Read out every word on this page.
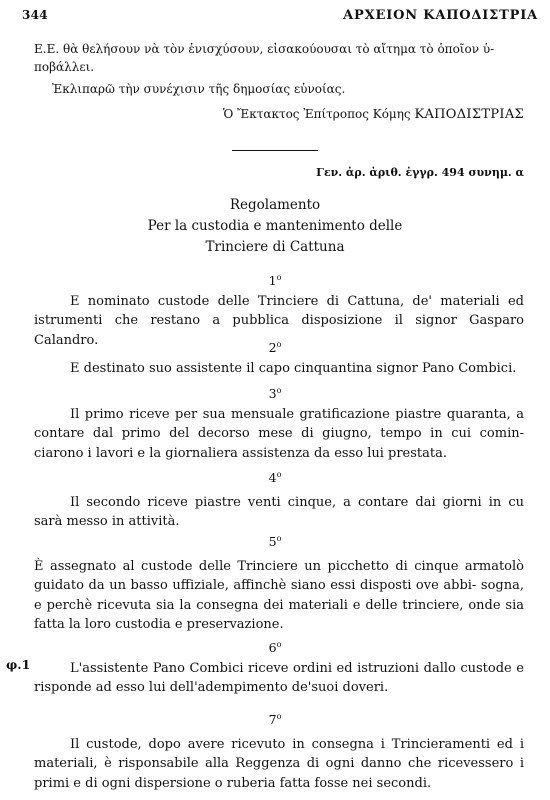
344	ΑΡΧΕΙΟΝ ΚΑΠΟΔΙΣΤΡΙΑ

Ε.Ε. θὰ θελήσουν νὰ τὸν ἐνισχύσουν, εἰσακούουσαι τὸ αἴτημα τὸ ὁποῖον ὑ-

ποβάλλει.

Ἐκλιπαρῶ τὴν συνέχισιν τῆς δημοσίας εὐνοίας.

Ὁ Ἔκτακτος Ἐπίτροπος Κόμης ΚΑΠΟΔΙΣΤΡΙΑΣ
Γεν. ἀρ. ἀριθ. ἐγγρ. 494 συνημ. α
Regolamento
Per la custodia e mantenimento delle
Trinciere di Cattuna
1$^o$

E nominato custode delle Trinciere di Cattuna, de' materiali ed istrumenti che restano a pubblica disposizione il signor Gasparo Calandro.

2$^o$

E destinato suo assistente il capo cinquantina signor Pano Combici.

3$^o$

Il primo riceve per sua mensuale gratificazione piastre quaranta, a contare dal primo del decorso mese di giugno, tempo in cui comin- ciarono i lavori e la giornaliera assistenza da esso lui prestata.

4$^o$

Il secondo riceve piastre venti cinque, a contare dai giorni in cu sarà messo in attività.

5$^o$

È assegnato al custode delle Trinciere un picchetto di cinque armatolò guidato da un basso uffiziale, affinchè siano essi disposti ove abbi- sogna, e perchè ricevuta sia la consegna dei materiali e delle trinciere, onde sia fatta la loro custodia e preservazione.

6$^o$
φ.1	L'assistente Pano Combici riceve ordini ed istruzioni dallo custode e risponde ad esso lui dell'adempimento de'suoi doveri.

7$^o$

Il custode, dopo avere ricevuto in consegna i Trincieramenti ed i materiali, è risponsabile alla Reggenza di ogni danno che ricevessero i primi e di ogni dispersione o ruberia fatta fosse nei secondi.
